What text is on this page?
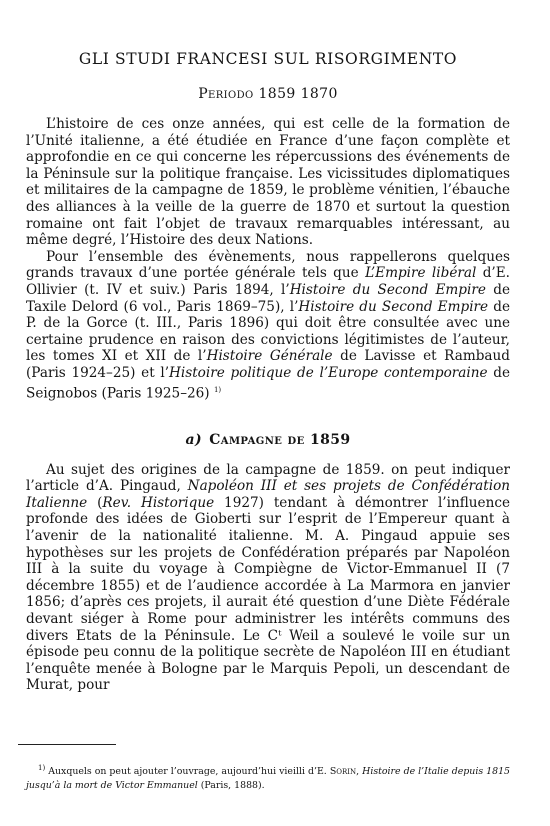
GLI STUDI FRANCESI SUL RISORGIMENTO
Periodo 1859 1870

L’histoire de ces onze années, qui est celle de la formation de l’Unité italienne, a été étudiée en France d’une façon complète et approfondie en ce qui concerne les répercussions des événements de la Péninsule sur la politique française. Les vicissitudes diplomatiques et militaires de la campagne de 1859, le problème vénitien, l’ébauche des alliances à la veille de la guerre de 1870 et surtout la question romaine ont fait l’objet de travaux remarquables intéressant, au même degré, l’Histoire des deux Nations.

Pour l’ensemble des évènements, nous rappellerons quelques grands travaux d’une portée générale tels que L’Empire libéral d’E. Ollivier (t. IV et suiv.) Paris 1894, l’Histoire du Second Empire de Taxile Delord (6 vol., Paris 1869–75), l’Histoire du Second Empire de P. de la Gorce (t. III., Paris 1896) qui doit être consultée avec une certaine prudence en raison des convictions légitimistes de l’auteur, les tomes XI et XII de l’Histoire Générale de Lavisse et Rambaud (Paris 1924–25) et l’Histoire politique de l’Europe contemporaine de Seignobos (Paris 1925–26) $^{1)}$

a) Campagne de 1859

Au sujet des origines de la campagne de 1859. on peut indiquer l’article d’A. Pingaud, Napoléon III et ses projets de Confédération Italienne (Rev. Historique 1927) tendant à démontrer l’influence profonde des idées de Gioberti sur l’esprit de l’Empereur quant à l’avenir de la nationalité italienne. M. A. Pingaud appuie ses hypothèses sur les projets de Confédération préparés par Napoléon III à la suite du voyage à Compiègne de Victor-Emmanuel II (7 décembre 1855) et de l’audience accordée à La Marmora en janvier 1856; d’après ces projets, il aurait été question d’une Diète Fédérale devant siéger à Rome pour administrer les intérêts communs des divers Etats de la Péninsule. Le Cᵗ Weil a soulevé le voile sur un épisode peu connu de la politique secrète de Napoléon III en étudiant l’enquête menée à Bologne par le Marquis Pepoli, un descendant de Murat, pour

$^{1)}$ Auxquels on peut ajouter l’ouvrage, aujourd’hui vieilli d’E. Sorin, Histoire de l’Italie depuis 1815 jusqu’à la mort de Victor Emmanuel (Paris, 1888).
